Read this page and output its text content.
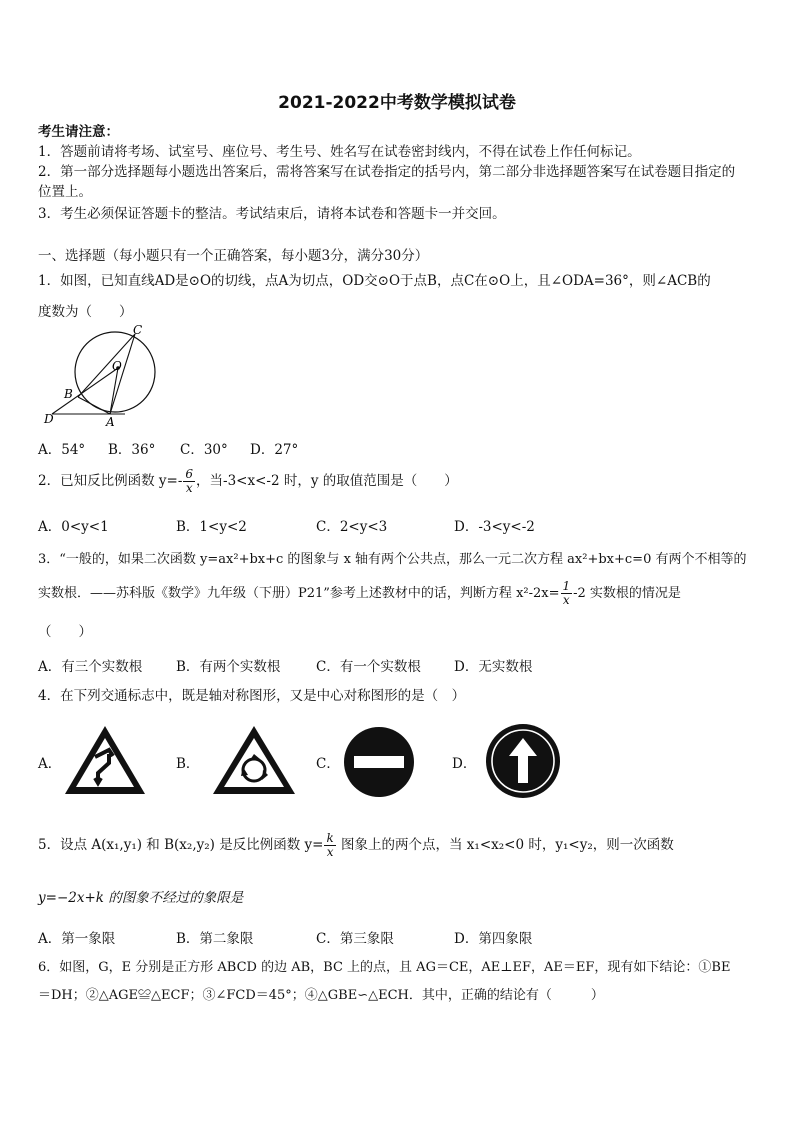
2021-2022中考数学模拟试卷
考生请注意：
1．答题前请将考场、试室号、座位号、考生号、姓名写在试卷密封线内，不得在试卷上作任何标记。
2．第一部分选择题每小题选出答案后，需将答案写在试卷指定的括号内，第二部分非选择题答案写在试卷题目指定的
位置上。
3．考生必须保证答题卡的整洁。考试结束后，请将本试卷和答题卡一并交回。
一、选择题（每小题只有一个正确答案，每小题3分，满分30分）
1．如图，已知直线AD是⊙O的切线，点A为切点，OD交⊙O于点B，点C在⊙O上，且∠ODA=36°，则∠ACB的
度数为（　　）
C
O
B
D	A
A．54°	B．36°	C．30°	D．27°
2．已知反比例函数 $y=- \frac{6}{x}$ ，当-3<x<-2 时，y 的取值范围是（　　）
A．0<y<1	B．1<y<2	C．2<y<3	D．-3<y<-2
3．“一般的，如果二次函数 y=ax²+bx+c 的图象与 x 轴有两个公共点，那么一元二次方程 ax²+bx+c=0 有两个不相等的
实数根．——苏科版《数学》九年级（下册）P21”参考上述教材中的话，判断方程 $x^2-2x= \frac{1}{x} -2$ 实数根的情况是
（　　）
A．有三个实数根	B．有两个实数根	C．有一个实数根	D．无实数根
4．在下列交通标志中，既是轴对称图形，又是中心对称图形的是（　）
A．	B．	C．	D．
5．设点 A(x₁,y₁) 和 B(x₂,y₂) 是反比例函数 $y= \frac{k}{x}$ 图象上的两个点，当 x₁<x₂<0 时，y₁<y₂，则一次函数
y=−2x+k 的图象不经过的象限是
A．第一象限	B．第二象限	C．第三象限	D．第四象限
6．如图，G，E 分别是正方形 ABCD 的边 AB，BC 上的点，且 AG＝CE，AE⊥EF，AE＝EF，现有如下结论：①BE
＝DH；②△AGE≌△ECF；③∠FCD＝45°；④△GBE∽△ECH．其中，正确的结论有（　　　）
